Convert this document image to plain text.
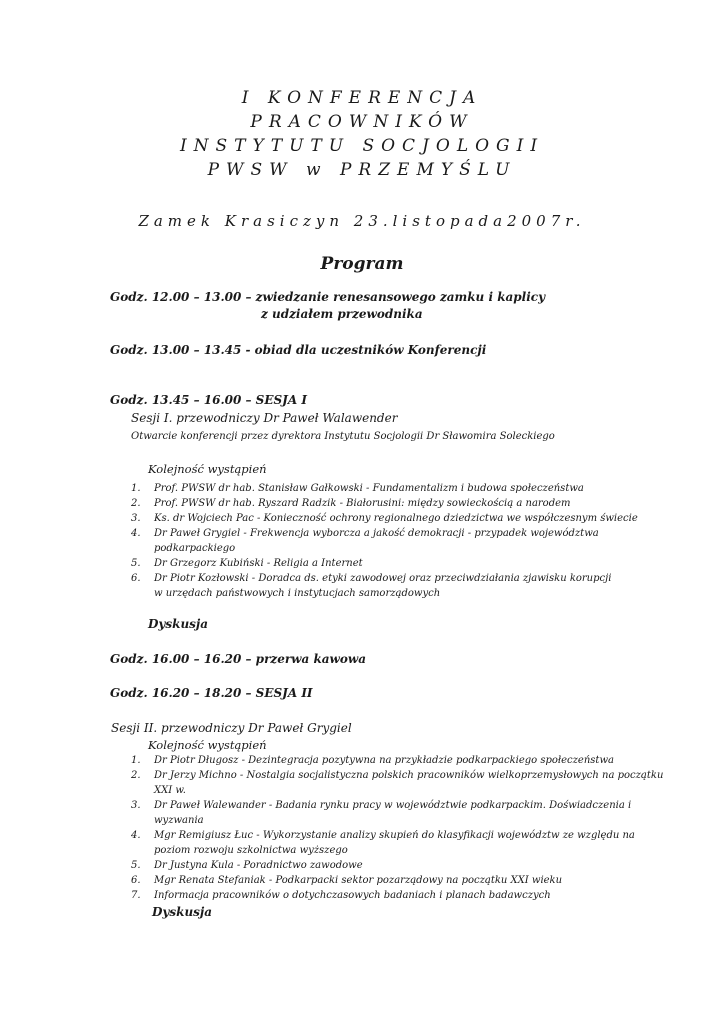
I KONFERENCJA
PRACOWNIKÓW
INSTYTUTU SOCJOLOGII
PWSW w PRZEMYŚLU
Zamek Krasiczyn 23.listopada2007r.
Program
Godz. 12.00 – 13.00 – zwiedzanie renesansowego zamku i kaplicy
z udziałem przewodnika
Godz. 13.00 – 13.45 - obiad dla uczestników Konferencji
Godz. 13.45 – 16.00 – SESJA I
Sesji I. przewodniczy Dr Paweł Walawender
Otwarcie konferencji przez dyrektora Instytutu Socjologii Dr Sławomira Soleckiego
Kolejność wystąpień
1. Prof. PWSW dr hab. Stanisław Gałkowski - Fundamentalizm i budowa społeczeństwa
2. Prof. PWSW dr hab. Ryszard Radzik - Białorusini: między sowieckością a narodem
3. Ks. dr Wojciech Pac - Konieczność ochrony regionalnego dziedzictwa we współczesnym świecie
4. Dr Paweł Grygiel - Frekwencja wyborcza a jakość demokracji - przypadek województwa
podkarpackiego
5. Dr Grzegorz Kubiński - Religia a Internet
6. Dr Piotr Kozłowski - Doradca ds. etyki zawodowej oraz przeciwdziałania zjawisku korupcji
w urzędach państwowych i instytucjach samorządowych
Dyskusja
Godz. 16.00 – 16.20 – przerwa kawowa
Godz. 16.20 – 18.20 – SESJA II
Sesji II. przewodniczy Dr Paweł Grygiel
Kolejność wystąpień
1. Dr Piotr Długosz - Dezintegracja pozytywna na przykładzie podkarpackiego społeczeństwa
2. Dr Jerzy Michno - Nostalgia socjalistyczna polskich pracowników wielkoprzemysłowych na początku
XXI w.
3. Dr Paweł Walewander - Badania rynku pracy w województwie podkarpackim. Doświadczenia i
wyzwania
4. Mgr Remigiusz Łuc - Wykorzystanie analizy skupień do klasyfikacji województw ze względu na
poziom rozwoju szkolnictwa wyższego
5. Dr Justyna Kula - Poradnictwo zawodowe
6. Mgr Renata Stefaniak - Podkarpacki sektor pozarządowy na początku XXI wieku
7. Informacja pracowników o dotychczasowych badaniach i planach badawczych
Dyskusja
